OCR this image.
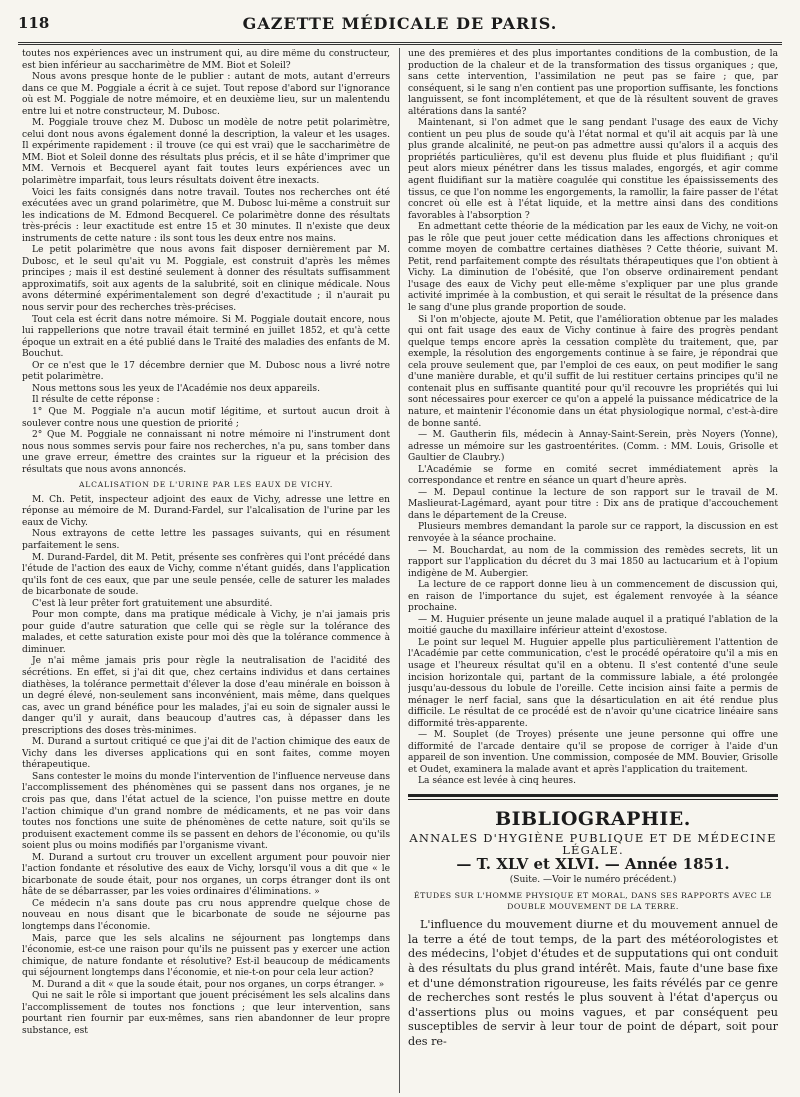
118	GAZETTE MÉDICALE DE PARIS.

toutes nos expériences avec un instrument qui, au dire même du constructeur, est bien inférieur au saccharimètre de MM. Biot et Soleil?

Nous avons presque honte de le publier : autant de mots, autant d'erreurs dans ce que M. Poggiale a écrit à ce sujet. Tout repose d'abord sur l'ignorance où est M. Poggiale de notre mémoire, et en deuxième lieu, sur un malentendu entre lui et notre constructeur, M. Dubosc.

M. Poggiale trouve chez M. Dubosc un modèle de notre petit polarimètre, celui dont nous avons également donné la description, la valeur et les usages. Il expérimente rapidement : il trouve (ce qui est vrai) que le saccharimètre de MM. Biot et Soleil donne des résultats plus précis, et il se hâte d'imprimer que MM. Vernois et Becquerel ayant fait toutes leurs expériences avec un polarimètre imparfait, tous leurs résultats doivent être inexacts.

Voici les faits consignés dans notre travail. Toutes nos recherches ont été exécutées avec un grand polarimètre, que M. Dubosc lui-même a construit sur les indications de M. Edmond Becquerel. Ce polarimètre donne des résultats très-précis : leur exactitude est entre 15 et 30 minutes. Il n'existe que deux instruments de cette nature : ils sont tous les deux entre nos mains.

Le petit polarimètre que nous avons fait disposer dernièrement par M. Dubosc, et le seul qu'ait vu M. Poggiale, est construit d'après les mêmes principes ; mais il est destiné seulement à donner des résultats suffisamment approximatifs, soit aux agents de la salubrité, soit en clinique médicale. Nous avons déterminé expérimentalement son degré d'exactitude ; il n'aurait pu nous servir pour des recherches très-précises.

Tout cela est écrit dans notre mémoire. Si M. Poggiale doutait encore, nous lui rappellerions que notre travail était terminé en juillet 1852, et qu'à cette époque un extrait en a été publié dans le Traité des maladies des enfants de M. Bouchut.

Or ce n'est que le 17 décembre dernier que M. Dubosc nous a livré notre petit polarimètre.

Nous mettons sous les yeux de l'Académie nos deux appareils.

Il résulte de cette réponse :

1° Que M. Poggiale n'a aucun motif légitime, et surtout aucun droit à soulever contre nous une question de priorité ;

2° Que M. Poggiale ne connaissant ni notre mémoire ni l'instrument dont nous nous sommes servis pour faire nos recherches, n'a pu, sans tomber dans une grave erreur, émettre des craintes sur la rigueur et la précision des résultats que nous avons annoncés.

ALCALISATION DE L'URINE PAR LES EAUX DE VICHY.

M. Ch. Petit, inspecteur adjoint des eaux de Vichy, adresse une lettre en réponse au mémoire de M. Durand-Fardel, sur l'alcalisation de l'urine par les eaux de Vichy.

Nous extrayons de cette lettre les passages suivants, qui en résument parfaitement le sens.

M. Durand-Fardel, dit M. Petit, présente ses confrères qui l'ont précédé dans l'étude de l'action des eaux de Vichy, comme n'étant guidés, dans l'application qu'ils font de ces eaux, que par une seule pensée, celle de saturer les malades de bicarbonate de soude.

C'est là leur prêter fort gratuitement une absurdité.

Pour mon compte, dans ma pratique médicale à Vichy, je n'ai jamais pris pour guide d'autre saturation que celle qui se règle sur la tolérance des malades, et cette saturation existe pour moi dès que la tolérance commence à diminuer.

Je n'ai même jamais pris pour règle la neutralisation de l'acidité des sécrétions. En effet, si j'ai dit que, chez certains individus et dans certaines diathèses, la tolérance permettait d'élever la dose d'eau minérale en boisson à un degré élevé, non-seulement sans inconvénient, mais même, dans quelques cas, avec un grand bénéfice pour les malades, j'ai eu soin de signaler aussi le danger qu'il y aurait, dans beaucoup d'autres cas, à dépasser dans les prescriptions des doses très-minimes.

M. Durand a surtout critiqué ce que j'ai dit de l'action chimique des eaux de Vichy dans les diverses applications qui en sont faites, comme moyen thérapeutique.

Sans contester le moins du monde l'intervention de l'influence nerveuse dans l'accomplissement des phénomènes qui se passent dans nos organes, je ne crois pas que, dans l'état actuel de la science, l'on puisse mettre en doute l'action chimique d'un grand nombre de médicaments, et ne pas voir dans toutes nos fonctions une suite de phénomènes de cette nature, soit qu'ils se produisent exactement comme ils se passent en dehors de l'économie, ou qu'ils soient plus ou moins modifiés par l'organisme vivant.

M. Durand a surtout cru trouver un excellent argument pour pouvoir nier l'action fondante et résolutive des eaux de Vichy, lorsqu'il vous a dit que « le bicarbonate de soude était, pour nos organes, un corps étranger dont ils ont hâte de se débarrasser, par les voies ordinaires d'éliminations. »

Ce médecin n'a sans doute pas cru nous apprendre quelque chose de nouveau en nous disant que le bicarbonate de soude ne séjourne pas longtemps dans l'économie.

Mais, parce que les sels alcalins ne séjournent pas longtemps dans l'économie, est-ce une raison pour qu'ils ne puissent pas y exercer une action chimique, de nature fondante et résolutive? Est-il beaucoup de médicaments qui séjournent longtemps dans l'économie, et nie-t-on pour cela leur action?

M. Durand a dit « que la soude était, pour nos organes, un corps étranger. »

Qui ne sait le rôle si important que jouent précisément les sels alcalins dans l'accomplissement de toutes nos fonctions ; que leur intervention, sans pourtant rien fournir par eux-mêmes, sans rien abandonner de leur propre substance, est

une des premières et des plus importantes conditions de la combustion, de la production de la chaleur et de la transformation des tissus organiques ; que, sans cette intervention, l'assimilation ne peut pas se faire ; que, par conséquent, si le sang n'en contient pas une proportion suffisante, les fonctions languissent, se font incomplétement, et que de là résultent souvent de graves altérations dans la santé?

Maintenant, si l'on admet que le sang pendant l'usage des eaux de Vichy contient un peu plus de soude qu'à l'état normal et qu'il ait acquis par là une plus grande alcalinité, ne peut-on pas admettre aussi qu'alors il a acquis des propriétés particulières, qu'il est devenu plus fluide et plus fluidifiant ; qu'il peut alors mieux pénétrer dans les tissus malades, engorgés, et agir comme agent fluidifiant sur la matière coagulée qui constitue les épaississements des tissus, ce que l'on nomme les engorgements, la ramollir, la faire passer de l'état concret où elle est à l'état liquide, et la mettre ainsi dans des conditions favorables à l'absorption ?

En admettant cette théorie de la médication par les eaux de Vichy, ne voit-on pas le rôle que peut jouer cette médication dans les affections chroniques et comme moyen de combattre certaines diathèses ? Cette théorie, suivant M. Petit, rend parfaitement compte des résultats thérapeutiques que l'on obtient à Vichy. La diminution de l'obésité, que l'on observe ordinairement pendant l'usage des eaux de Vichy peut elle-même s'expliquer par une plus grande activité imprimée à la combustion, et qui serait le résultat de la présence dans le sang d'une plus grande proportion de soude.

Si l'on m'objecte, ajoute M. Petit, que l'amélioration obtenue par les malades qui ont fait usage des eaux de Vichy continue à faire des progrès pendant quelque temps encore après la cessation complète du traitement, que, par exemple, la résolution des engorgements continue à se faire, je répondrai que cela prouve seulement que, par l'emploi de ces eaux, on peut modifier le sang d'une manière durable, et qu'il suffit de lui restituer certains principes qu'il ne contenait plus en suffisante quantité pour qu'il recouvre les propriétés qui lui sont nécessaires pour exercer ce qu'on a appelé la puissance médicatrice de la nature, et maintenir l'économie dans un état physiologique normal, c'est-à-dire de bonne santé.

— M. Gautherin fils, médecin à Annay-Saint-Serein, près Noyers (Yonne), adresse un mémoire sur les gastroentérites. (Comm. : MM. Louis, Grisolle et Gaultier de Claubry.)

L'Académie se forme en comité secret immédiatement après la correspondance et rentre en séance un quart d'heure après.

— M. Depaul continue la lecture de son rapport sur le travail de M. Maslieurat-Lagémard, ayant pour titre : Dix ans de pratique d'accouchement dans le département de la Creuse.

Plusieurs membres demandant la parole sur ce rapport, la discussion en est renvoyée à la séance prochaine.

— M. Bouchardat, au nom de la commission des remèdes secrets, lit un rapport sur l'application du décret du 3 mai 1850 au lactucarium et à l'opium indigène de M. Aubergier.

La lecture de ce rapport donne lieu à un commencement de discussion qui, en raison de l'importance du sujet, est également renvoyée à la séance prochaine.

— M. Huguier présente un jeune malade auquel il a pratiqué l'ablation de la moitié gauche du maxillaire inférieur atteint d'exostose.

Le point sur lequel M. Huguier appelle plus particulièrement l'attention de l'Académie par cette communication, c'est le procédé opératoire qu'il a mis en usage et l'heureux résultat qu'il en a obtenu. Il s'est contenté d'une seule incision horizontale qui, partant de la commissure labiale, a été prolongée jusqu'au-dessous du lobule de l'oreille. Cette incision ainsi faite a permis de ménager le nerf facial, sans que la désarticulation en ait été rendue plus difficile. Le résultat de ce procédé est de n'avoir qu'une cicatrice linéaire sans difformité très-apparente.

— M. Souplet (de Troyes) présente une jeune personne qui offre une difformité de l'arcade dentaire qu'il se propose de corriger à l'aide d'un appareil de son invention. Une commission, composée de MM. Bouvier, Grisolle et Oudet, examinera la malade avant et après l'application du traitement.

La séance est levée à cinq heures.

BIBLIOGRAPHIE.
ANNALES D'HYGIÈNE PUBLIQUE ET DE MÉDECINE LÉGALE.
— T. XLV et XLVI. — Année 1851.
(Suite. —Voir le numéro précédent.)
ÉTUDES SUR L'HOMME PHYSIQUE ET MORAL, DANS SES RAPPORTS AVEC LE DOUBLE MOUVEMENT DE LA TERRE.

L'influence du mouvement diurne et du mouvement annuel de la terre a été de tout temps, de la part des météorologistes et des médecins, l'objet d'études et de supputations qui ont conduit à des résultats du plus grand intérêt. Mais, faute d'une base fixe et d'une démonstration rigoureuse, les faits révélés par ce genre de recherches sont restés le plus souvent à l'état d'aperçus ou d'assertions plus ou moins vagues, et par conséquent peu susceptibles de servir à leur tour de point de départ, soit pour des re-
